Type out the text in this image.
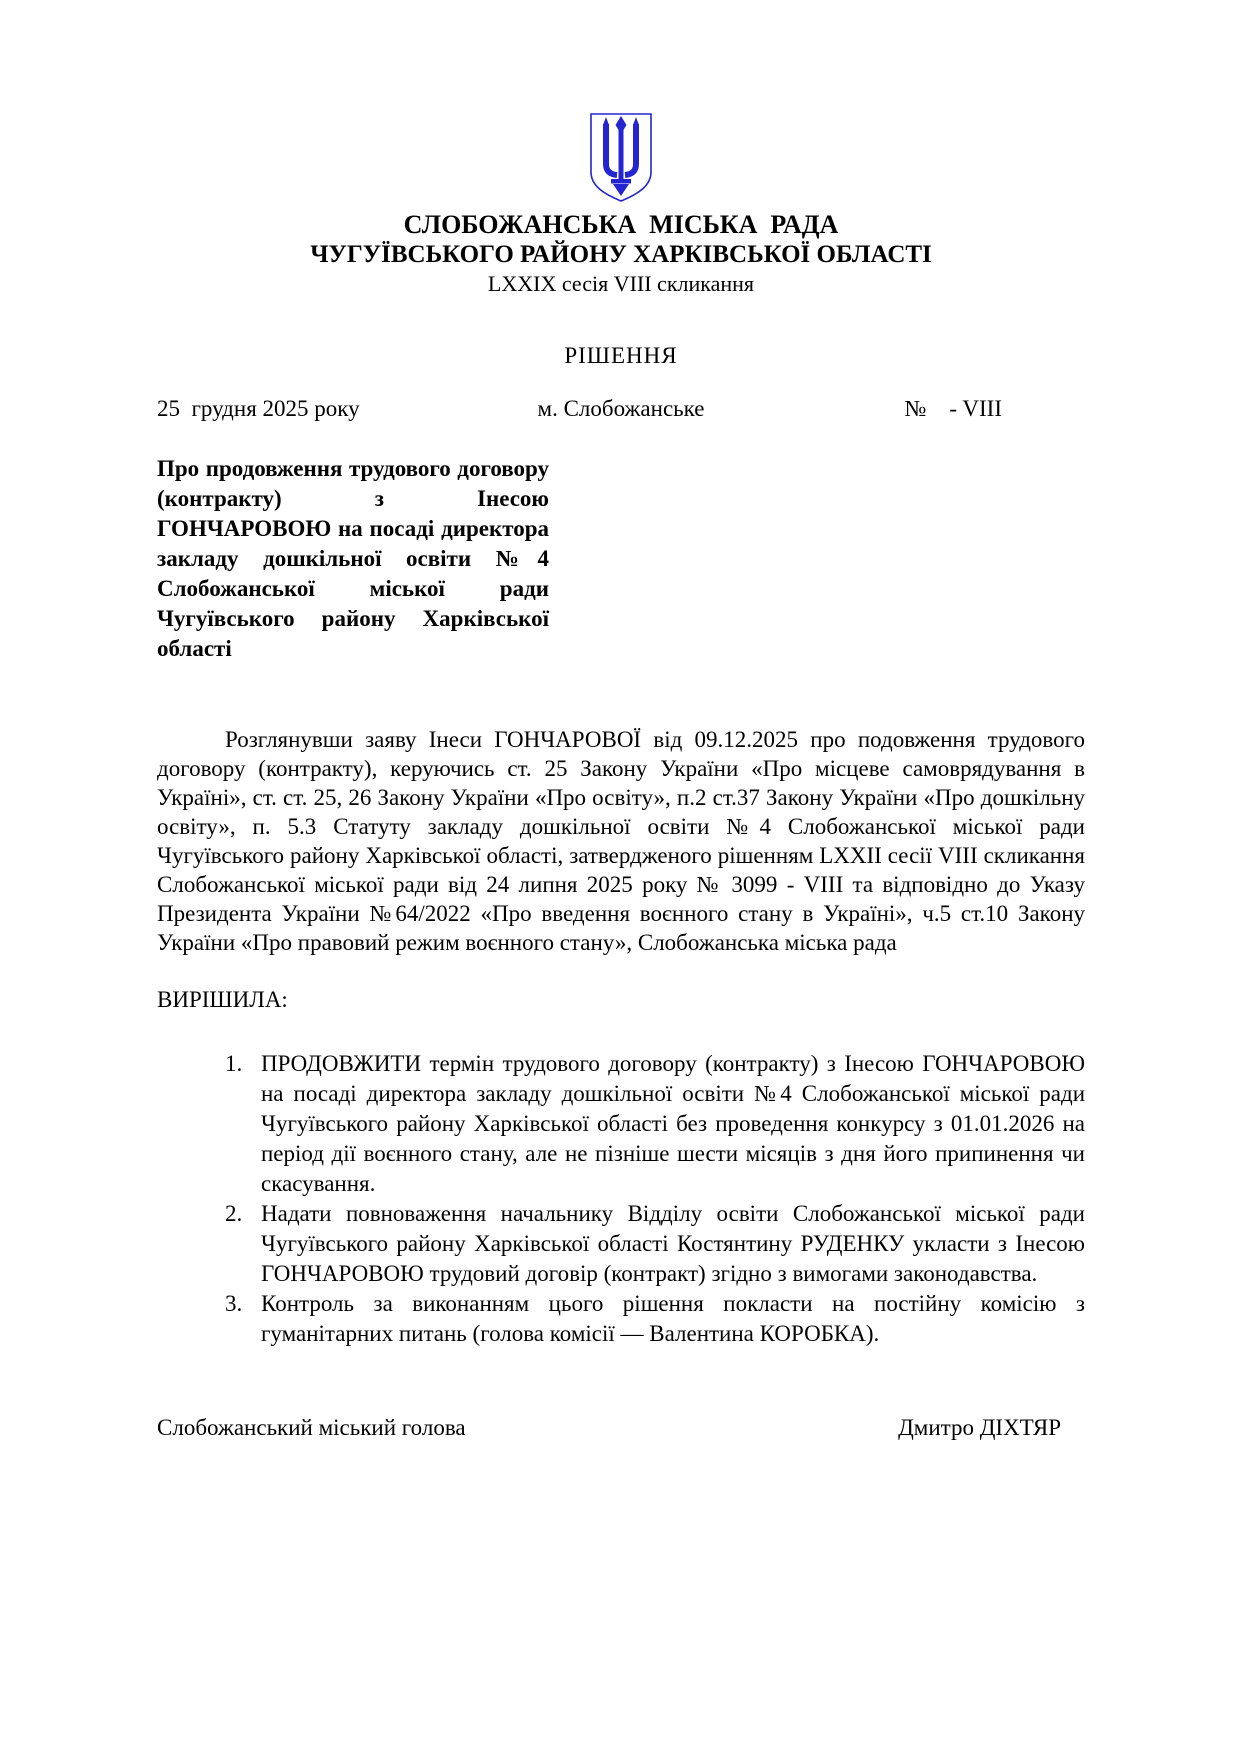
СЛОБОЖАНСЬКА  МІСЬКА  РАДА
ЧУГУЇВСЬКОГО РАЙОНУ ХАРКІВСЬКОЇ ОБЛАСТІ
LXXIX сесія VIII скликання
РІШЕННЯ
25  грудня 2025 року	м. Слобожанське	№    - VIII
Про продовження трудового договору (контракту) з Інесою ГОНЧАРОВОЮ на посаді директора закладу дошкільної освіти №4 Слобожанської міської ради Чугуївського району Харківської області
Розглянувши заяву Інеси ГОНЧАРОВОЇ від 09.12.2025 про подовження трудового договору (контракту), керуючись ст. 25 Закону України «Про місцеве самоврядування в Україні», ст. ст. 25, 26 Закону України «Про освіту», п.2 ст.37 Закону України «Про дошкільну освіту», п. 5.3 Статуту закладу дошкільної освіти №4 Слобожанської міської ради Чугуївського району Харківської області, затвердженого рішенням LXXII сесії VIII скликання Слобожанської міської ради від 24 липня 2025 року № 3099 - VIII та відповідно до Указу Президента України №64/2022 «Про введення воєнного стану в Україні», ч.5 ст.10 Закону України «Про правовий режим воєнного стану», Слобожанська міська рада
ВИРІШИЛА:
1. ПРОДОВЖИТИ термін трудового договору (контракту) з Інесою ГОНЧАРОВОЮ на посаді директора закладу дошкільної освіти №4 Слобожанської міської ради Чугуївського району Харківської області без проведення конкурсу з 01.01.2026 на період дії воєнного стану, але не пізніше шести місяців з дня його припинення чи скасування.
2. Надати повноваження начальнику Відділу освіти Слобожанської міської ради Чугуївського району Харківської області Костянтину РУДЕНКУ укласти з Інесою ГОНЧАРОВОЮ трудовий договір (контракт) згідно з вимогами законодавства.
3. Контроль за виконанням цього рішення покласти на постійну комісію з гуманітарних питань (голова комісії — Валентина КОРОБКА).
Слобожанський міський голова	Дмитро ДІХТЯР
